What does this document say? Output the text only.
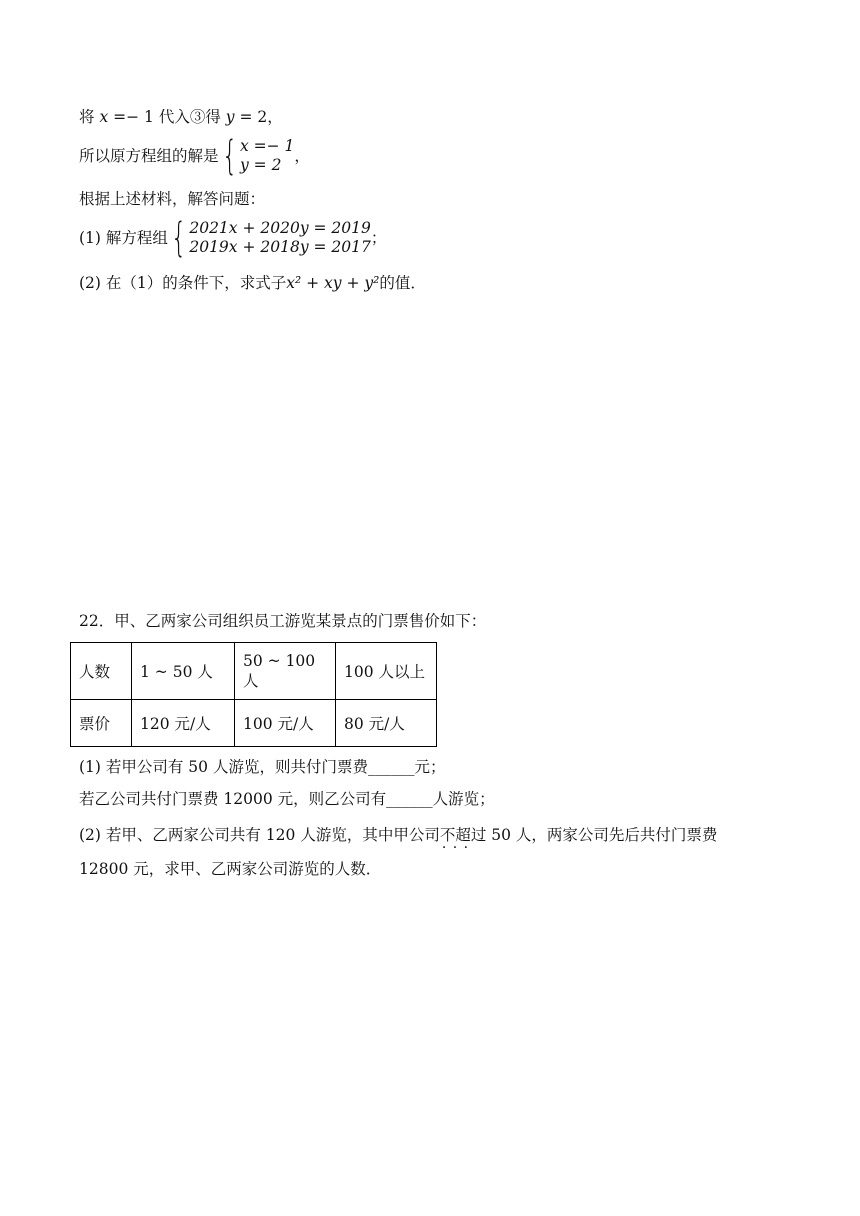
将 x =− 1 代入③得 y = 2，
所以原方程组的解是 { x =− 1
y = 2 ，
根据上述材料，解答问题：
(1) 解方程组 { 2021x + 2020y = 2019
2019x + 2018y = 2017 ；
(2) 在（1）的条件下，求式子x² + xy + y²的值．
22．甲、乙两家公司组织员工游览某景点的门票售价如下：
人数	1 ~ 50 人	50 ~ 100 人	100 人以上
票价	120 元/人	100 元/人	80 元/人
(1) 若甲公司有 50 人游览，则共付门票费______元；
若乙公司共付门票费 12000 元，则乙公司有______人游览；
(2) 若甲、乙两家公司共有 120 人游览，其中甲公司不超过 · · · 50 人，两家公司先后共付门票费
12800 元，求甲、乙两家公司游览的人数．
